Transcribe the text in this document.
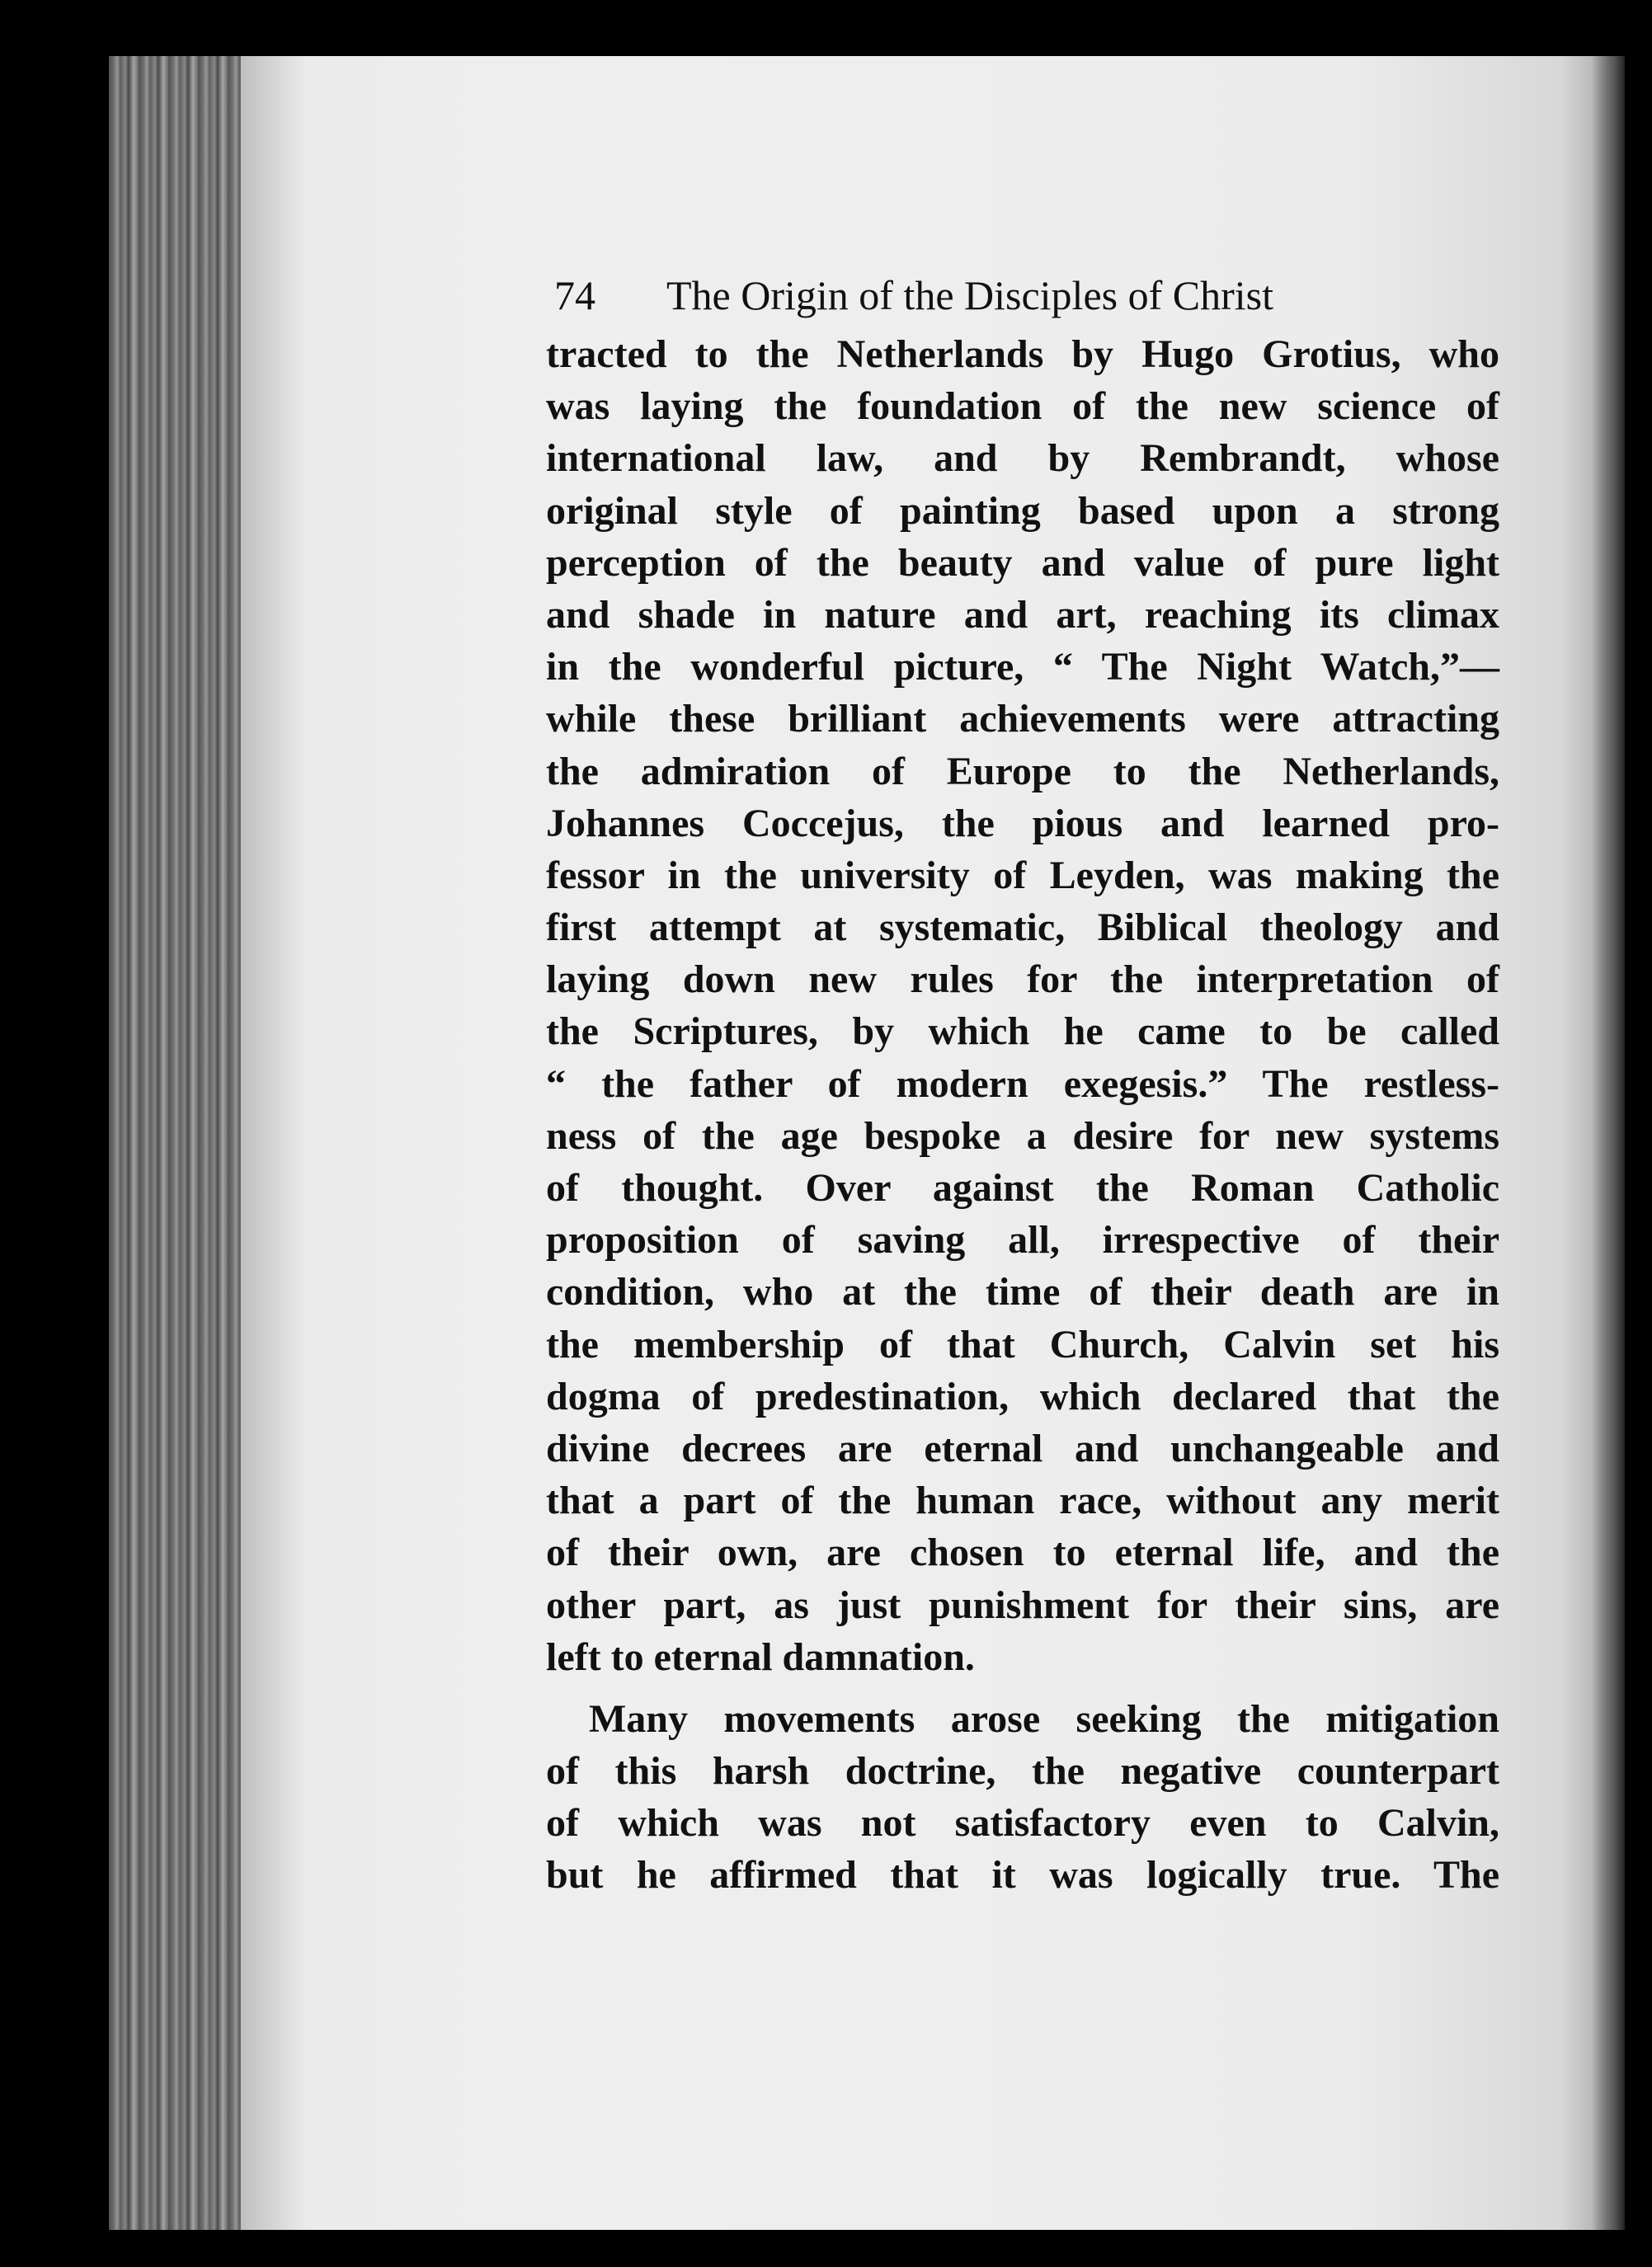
74	The Origin of the Disciples of Christ
tracted to the Netherlands by Hugo Grotius, who
was laying the foundation of the new science of
international law, and by Rembrandt, whose
original style of painting based upon a strong
perception of the beauty and value of pure light
and shade in nature and art, reaching its climax
in the wonderful picture, “ The Night Watch,”—
while these brilliant achievements were attracting
the admiration of Europe to the Netherlands,
Johannes Coccejus, the pious and learned pro-
fessor in the university of Leyden, was making the
first attempt at systematic, Biblical theology and
laying down new rules for the interpretation of
the Scriptures, by which he came to be called
“ the father of modern exegesis.” The restless-
ness of the age bespoke a desire for new systems
of thought. Over against the Roman Catholic
proposition of saving all, irrespective of their
condition, who at the time of their death are in
the membership of that Church, Calvin set his
dogma of predestination, which declared that the
divine decrees are eternal and unchangeable and
that a part of the human race, without any merit
of their own, are chosen to eternal life, and the
other part, as just punishment for their sins, are
left to eternal damnation.
Many movements arose seeking the mitigation
of this harsh doctrine, the negative counterpart
of which was not satisfactory even to Calvin,
but he affirmed that it was logically true. The
